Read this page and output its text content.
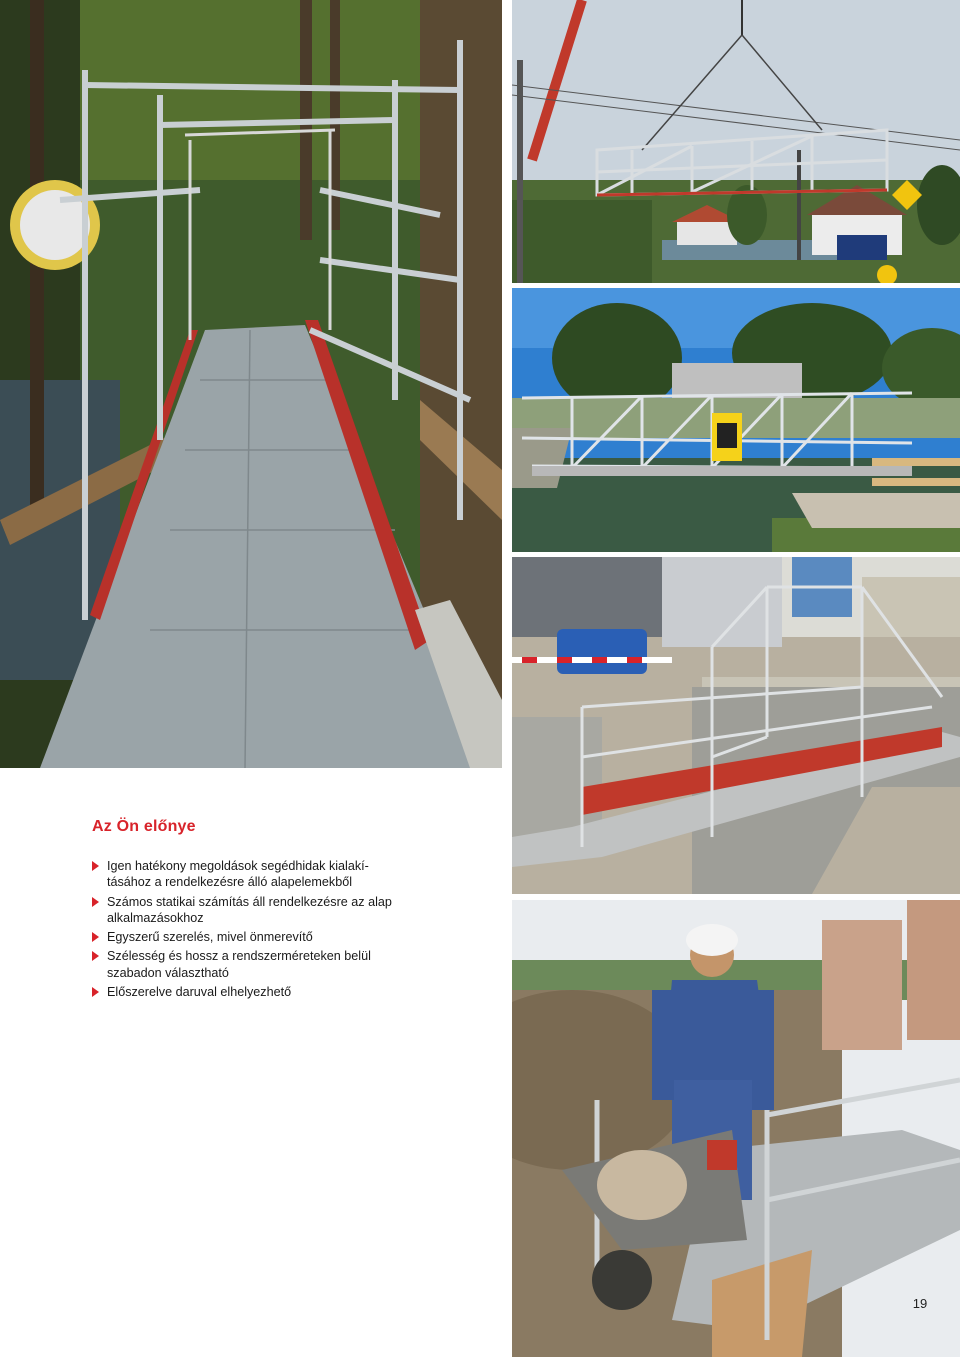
Az Ön előnye
Igen hatékony megoldások segédhidak kialakí-
tásához a rendelkezésre álló alapelemekből
Számos statikai számítás áll rendelkezésre az alap
alkalmazásokhoz
Egyszerű szerelés, mivel önmerevítő
Szélesség és hossz a rendszerméreteken belül
szabadon választható
Előszerelve daruval elhelyezhető
19
